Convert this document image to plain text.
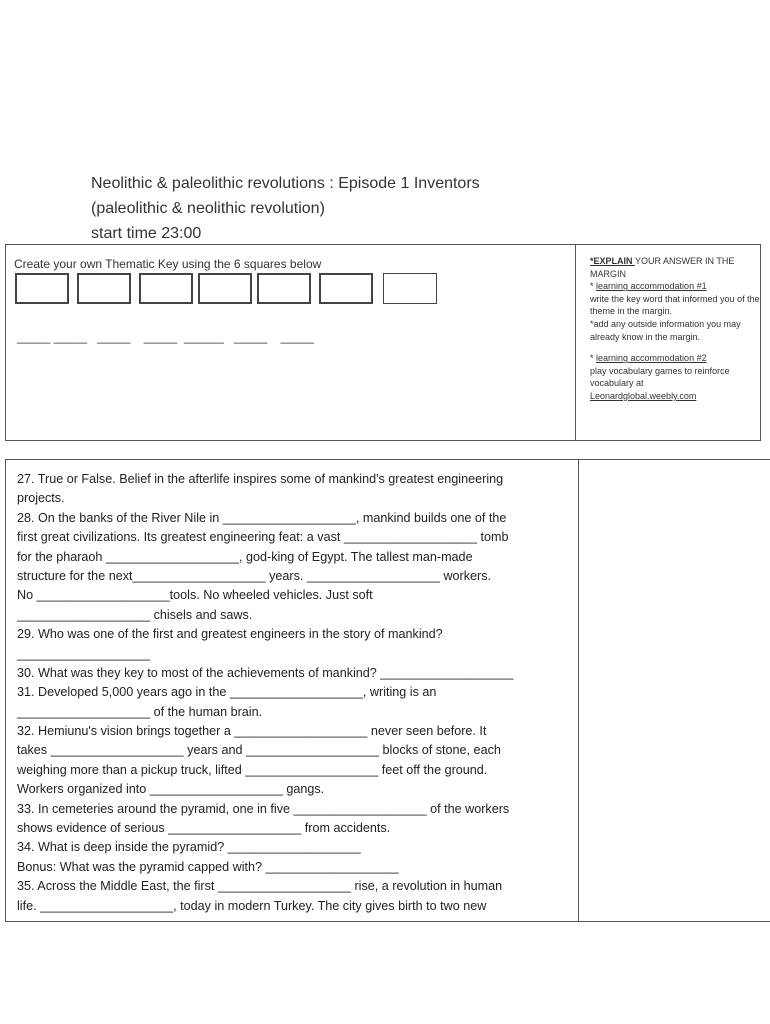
Neolithic & paleolithic revolutions : Episode 1 Inventors
(paleolithic & neolithic revolution)
start time 23:00
Create your own Thematic Key using the 6 squares below
_____ _____   _____    _____  ______   _____    _____
*EXPLAIN YOUR ANSWER IN THE MARGIN
* learning accommodation #1
write the key word that informed you of the theme in the margin.
*add any outside information you may already know in the margin.
* learning accommodation #2
play vocabulary games to reinforce vocabulary at
Leonardglobal.weebly.com
27. True or False. Belief in the afterlife inspires some of mankind's greatest engineering
projects.
28. On the banks of the River Nile in ___________________, mankind builds one of the
first great civilizations. Its greatest engineering feat: a vast ___________________ tomb
for the pharaoh ___________________, god-king of Egypt. The tallest man-made
structure for the next___________________ years. ___________________ workers.
No ___________________tools. No wheeled vehicles. Just soft
___________________ chisels and saws.
29. Who was one of the first and greatest engineers in the story of mankind?
___________________
30. What was they key to most of the achievements of mankind? ___________________
31. Developed 5,000 years ago in the ___________________, writing is an
___________________ of the human brain.
32. Hemiunu's vision brings together a ___________________ never seen before. It
takes ___________________ years and ___________________ blocks of stone, each
weighing more than a pickup truck, lifted ___________________ feet off the ground.
Workers organized into ___________________ gangs.
33. In cemeteries around the pyramid, one in five ___________________ of the workers
shows evidence of serious ___________________ from accidents.
34. What is deep inside the pyramid? ___________________
Bonus: What was the pyramid capped with? ___________________
35. Across the Middle East, the first ___________________ rise, a revolution in human
life. ___________________, today in modern Turkey. The city gives birth to two new
